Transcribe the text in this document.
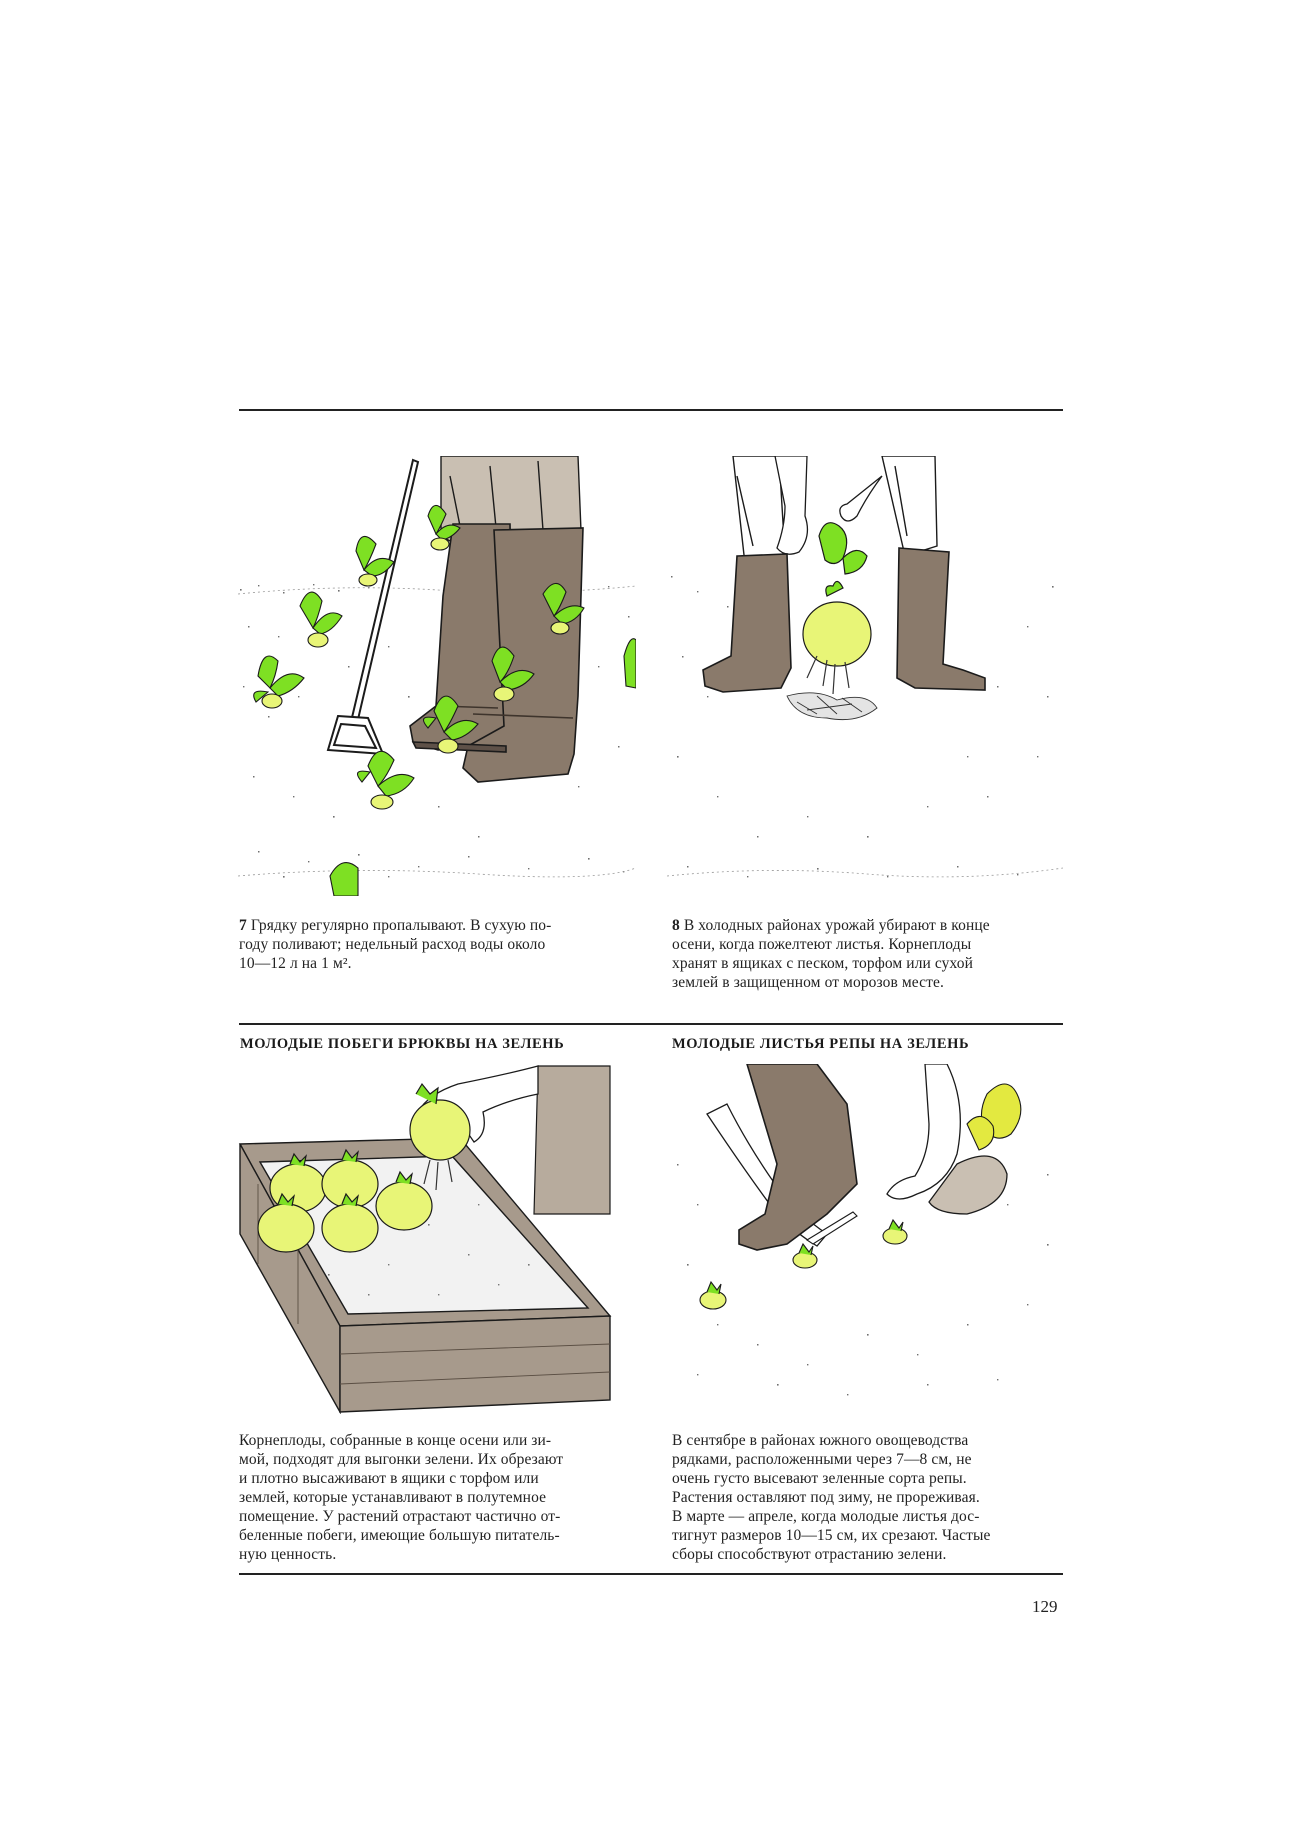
7 Грядку регулярно пропалывают. В сухую по-
году поливают; недельный расход воды около
10—12 л на 1 м².
8 В холодных районах урожай убирают в конце
осени, когда пожелтеют листья. Корнеплоды
хранят в ящиках с песком, торфом или сухой
землей в защищенном от морозов месте.
МОЛОДЫЕ ПОБЕГИ БРЮКВЫ НА ЗЕЛЕНЬ	МОЛОДЫЕ ЛИСТЬЯ РЕПЫ НА ЗЕЛЕНЬ
Корнеплоды, собранные в конце осени или зи-
мой, подходят для выгонки зелени. Их обрезают
и плотно высаживают в ящики с торфом или
землей, которые устанавливают в полутемное
помещение. У растений отрастают частично от-
беленные побеги, имеющие большую питатель-
ную ценность.
В сентябре в районах южного овощеводства
рядками, расположенными через 7—8 см, не
очень густо высевают зеленные сорта репы.
Растения оставляют под зиму, не прореживая.
В марте — апреле, когда молодые листья дос-
тигнут размеров 10—15 см, их срезают. Частые
сборы способствуют отрастанию зелени.
129
